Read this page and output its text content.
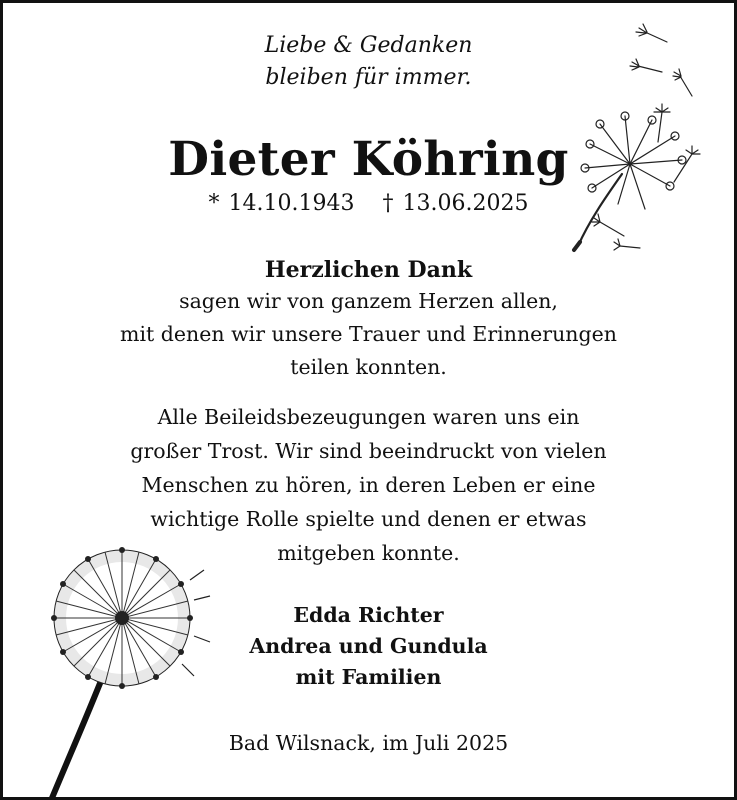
Liebe & Gedanken
bleiben für immer.
Dieter Köhring
* 14.10.1943 † 13.06.2025
Herzlichen Dank
sagen wir von ganzem Herzen allen,
mit denen wir unsere Trauer und Erinnerungen
teilen konnten.
Alle Beileidsbezeugungen waren uns ein
großer Trost. Wir sind beeindruckt von vielen
Menschen zu hören, in deren Leben er eine
wichtige Rolle spielte und denen er etwas
mitgeben konnte.
Edda Richter
Andrea und Gundula
mit Familien
Bad Wilsnack, im Juli 2025
